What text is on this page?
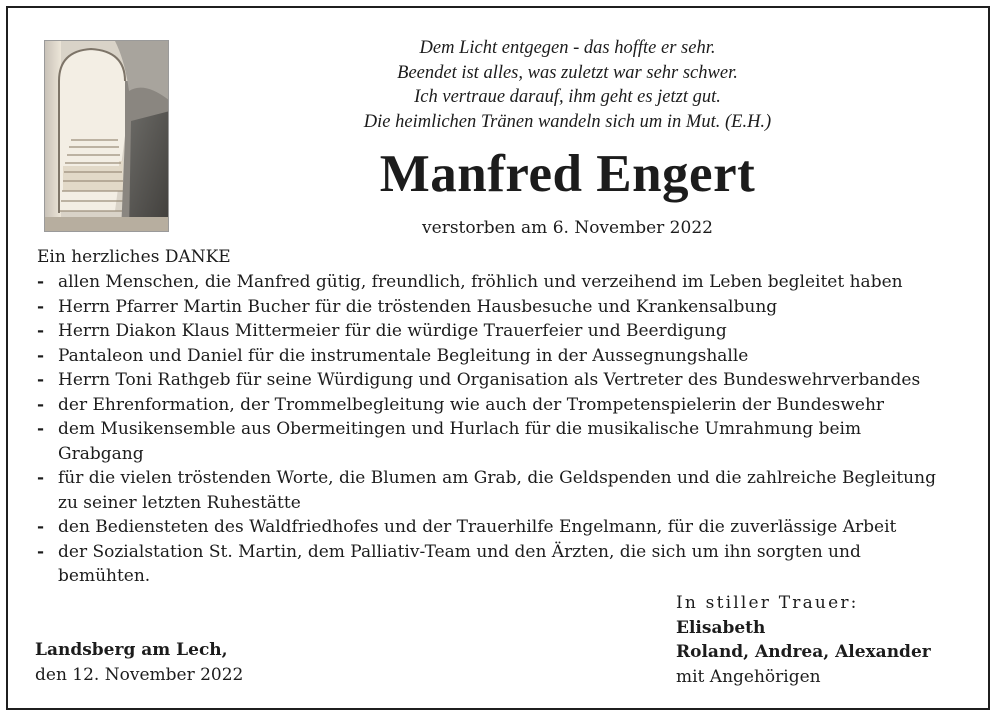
Dem Licht entgegen - das hoffte er sehr.
Beendet ist alles, was zuletzt war sehr schwer.
Ich vertraue darauf, ihm geht es jetzt gut.
Die heimlichen Tränen wandeln sich um in Mut. (E.H.)
Manfred Engert
verstorben am 6. November 2022
Ein herzliches DANKE
- allen Menschen, die Manfred gütig, freundlich, fröhlich und verzeihend im Leben begleitet haben
- Herrn Pfarrer Martin Bucher für die tröstenden Hausbesuche und Krankensalbung
- Herrn Diakon Klaus Mittermeier für die würdige Trauerfeier und Beerdigung
- Pantaleon und Daniel für die instrumentale Begleitung in der Aussegnungshalle
- Herrn Toni Rathgeb für seine Würdigung und Organisation als Vertreter des Bundeswehrverbandes
- der Ehrenformation, der Trommelbegleitung wie auch der Trompetenspielerin der Bundeswehr
- dem Musikensemble aus Obermeitingen und Hurlach für die musikalische Umrahmung beim Grabgang
- für die vielen tröstenden Worte, die Blumen am Grab, die Geldspenden und die zahlreiche Begleitung zu seiner letzten Ruhestätte
- den Bediensteten des Waldfriedhofes und der Trauerhilfe Engelmann, für die zuverlässige Arbeit
- der Sozialstation St. Martin, dem Palliativ-Team und den Ärzten, die sich um ihn sorgten und bemühten.
Landsberg am Lech,
den 12. November 2022
In stiller Trauer:
Elisabeth
Roland, Andrea, Alexander
mit Angehörigen
